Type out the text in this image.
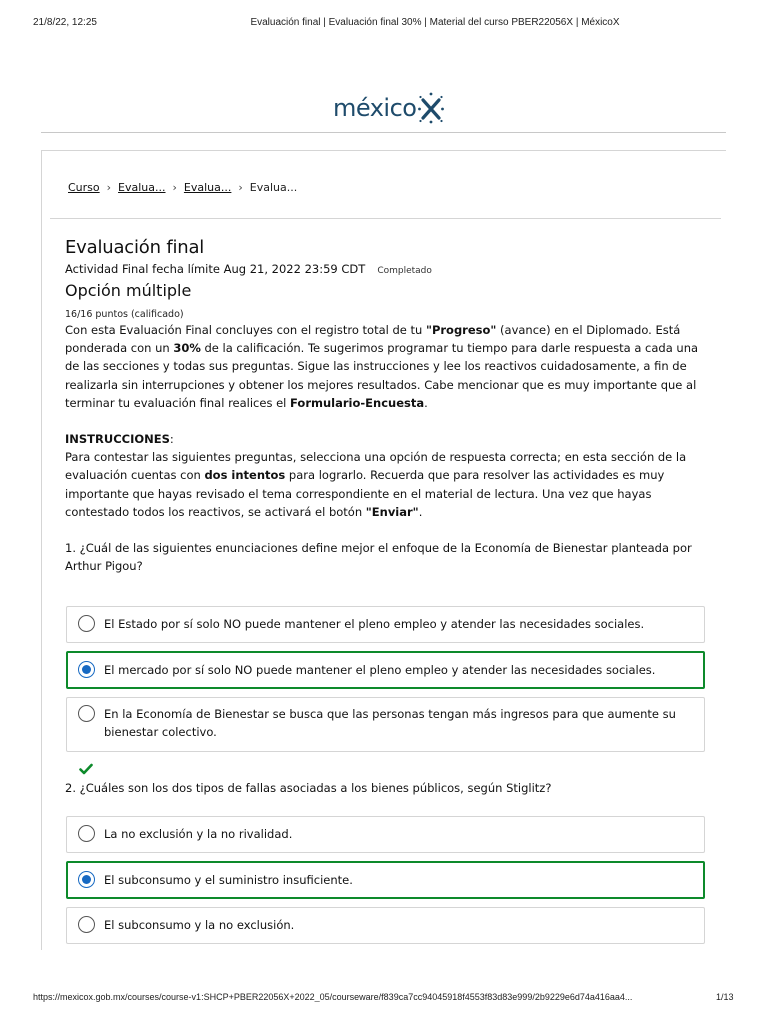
21/8/22, 12:25	Evaluación final | Evaluación final 30% | Material del curso PBER22056X | MéxicoX
méxico
Curso › Evalua... › Evalua... › Evalua...
Evaluación final
Actividad Final fecha límite Aug 21, 2022 23:59 CDT Completado
Opción múltiple
16/16 puntos (calificado)

Con esta Evaluación Final concluyes con el registro total de tu "Progreso" (avance) en el Diplomado. Está ponderada con un 30% de la calificación. Te sugerimos programar tu tiempo para darle respuesta a cada una de las secciones y todas sus preguntas. Sigue las instrucciones y lee los reactivos cuidadosamente, a fin de realizarla sin interrupciones y obtener los mejores resultados. Cabe mencionar que es muy importante que al terminar tu evaluación final realices el Formulario-Encuesta.

INSTRUCCIONES:
Para contestar las siguientes preguntas, selecciona una opción de respuesta correcta; en esta sección de la evaluación cuentas con dos intentos para lograrlo. Recuerda que para resolver las actividades es muy importante que hayas revisado el tema correspondiente en el material de lectura. Una vez que hayas contestado todos los reactivos, se activará el botón "Enviar".

1. ¿Cuál de las siguientes enunciaciones define mejor el enfoque de la Economía de Bienestar planteada por Arthur Pigou?

El Estado por sí solo NO puede mantener el pleno empleo y atender las necesidades sociales.
El mercado por sí solo NO puede mantener el pleno empleo y atender las necesidades sociales.
En la Economía de Bienestar se busca que las personas tengan más ingresos para que aumente su bienestar colectivo.

2. ¿Cuáles son los dos tipos de fallas asociadas a los bienes públicos, según Stiglitz?

La no exclusión y la no rivalidad.
El subconsumo y el suministro insuficiente.
El subconsumo y la no exclusión.
https://mexicox.gob.mx/courses/course-v1:SHCP+PBER22056X+2022_05/courseware/f839ca7cc94045918f4553f83d83e999/2b9229e6d74a416aa4...	1/13
